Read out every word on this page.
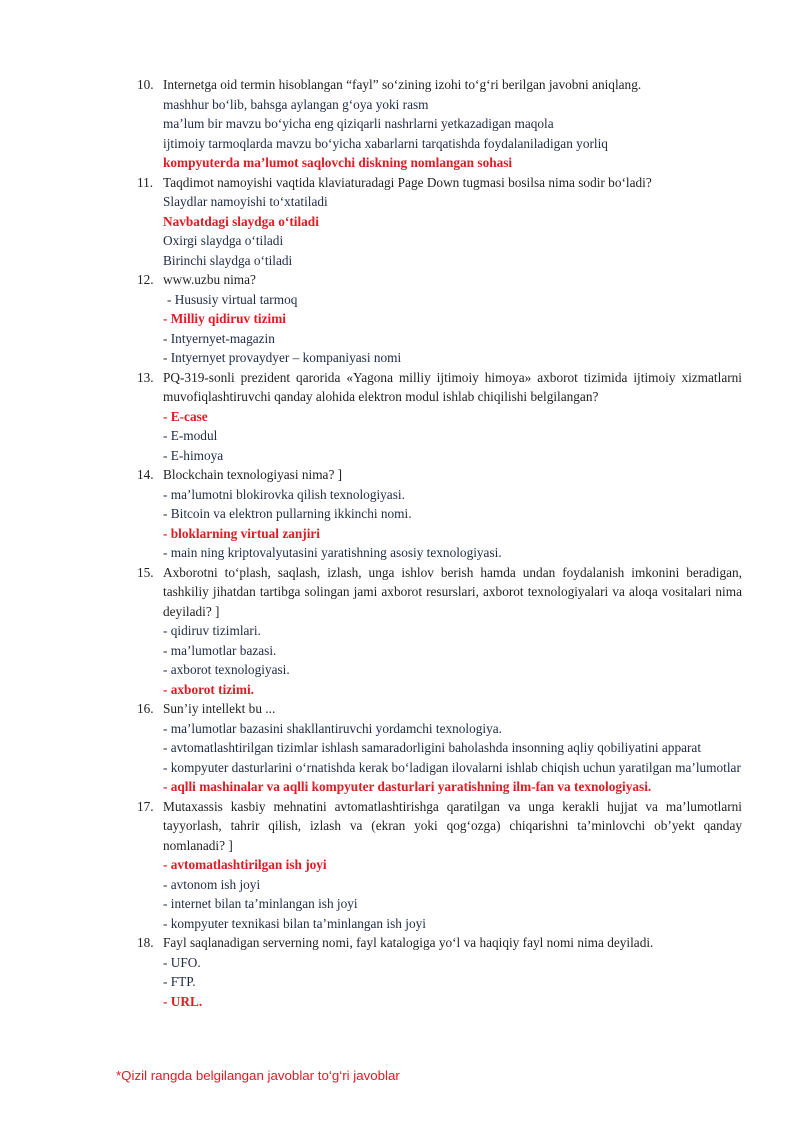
10. Internetga oid termin hisoblangan “fayl” so‘zining izohi to‘g‘ri berilgan javobni aniqlang.
mashhur bo‘lib, bahsga aylangan g‘oya yoki rasm
ma’lum bir mavzu bo‘yicha eng qiziqarli nashrlarni yetkazadigan maqola
ijtimoiy tarmoqlarda mavzu bo‘yicha xabarlarni tarqatishda foydalaniladigan yorliq
kompyuterda ma’lumot saqlovchi diskning nomlangan sohasi
11. Taqdimot namoyishi vaqtida klaviaturadagi Page Down tugmasi bosilsa nima sodir bo‘ladi?
Slaydlar namoyishi to‘xtatiladi
Navbatdagi slaydga o‘tiladi
Oxirgi slaydga o‘tiladi
Birinchi slaydga o‘tiladi
12. www.uzbu nima?
- Hususiy virtual tarmoq
- Milliy qidiruv tizimi
- Intyernyet-magazin
- Intyernyet provaydyer – kompaniyasi nomi
13. PQ-319-sonli prezident qarorida «Yagona milliy ijtimoiy himoya» axborot tizimida ijtimoiy xizmatlarni muvofiqlashtiruvchi qanday alohida elektron modul ishlab chiqilishi belgilangan?
- E-case
- E-modul
- E-himoya
14. Blockchain texnologiyasi nima? ]
- ma’lumotni blokirovka qilish texnologiyasi.
- Bitcoin va elektron pullarning ikkinchi nomi.
- bloklarning virtual zanjiri
- main ning kriptovalyutasini yaratishning asosiy texnologiyasi.
15. Axborotni to‘plash, saqlash, izlash, unga ishlov berish hamda undan foydalanish imkonini beradigan, tashkiliy jihatdan tartibga solingan jami axborot resurslari, axborot texnologiyalari va aloqa vositalari nima deyiladi? ]
- qidiruv tizimlari.
- ma’lumotlar bazasi.
- axborot texnologiyasi.
- axborot tizimi.
16. Sun’iy intellekt bu ...
- ma’lumotlar bazasini shakllantiruvchi yordamchi texnologiya.
- avtomatlashtirilgan tizimlar ishlash samaradorligini baholashda insonning aqliy qobiliyatini apparat
- kompyuter dasturlarini o‘rnatishda kerak bo‘ladigan ilovalarni ishlab chiqish uchun yaratilgan ma’lumotlar
- aqlli mashinalar va aqlli kompyuter dasturlari yaratishning ilm-fan va texnologiyasi.
17. Mutaxassis kasbiy mehnatini avtomatlashtirishga qaratilgan va unga kerakli hujjat va ma’lumotlarni tayyorlash, tahrir qilish, izlash va (ekran yoki qog‘ozga) chiqarishni ta’minlovchi ob’yekt qanday nomlanadi? ]
- avtomatlashtirilgan ish joyi
- avtonom ish joyi
- internet bilan ta’minlangan ish joyi
- kompyuter texnikasi bilan ta’minlangan ish joyi
18. Fayl saqlanadigan serverning nomi, fayl katalogiga yo‘l va haqiqiy fayl nomi nima deyiladi.
- UFO.
- FTP.
- URL.
*Qizil rangda belgilangan javoblar to‘g‘ri javoblar
